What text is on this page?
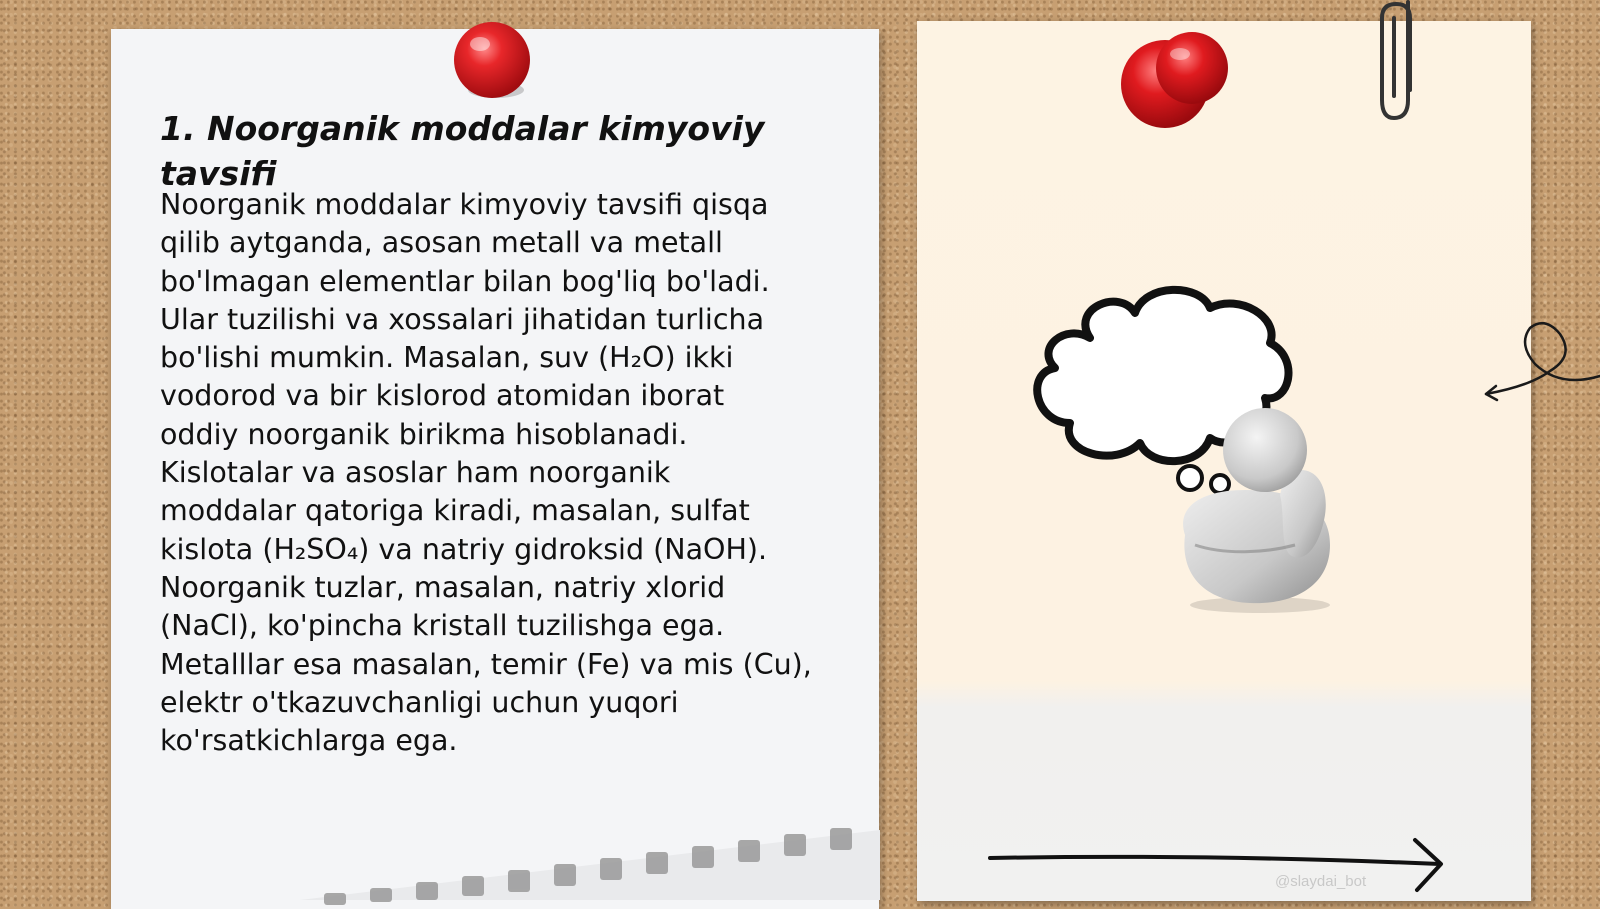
1. Noorganik moddalar kimyoviy tavsifi

Noorganik moddalar kimyoviy tavsifi qisqa
qilib aytganda, asosan metall va metall
bo'lmagan elementlar bilan bog'liq bo'ladi.
Ular tuzilishi va xossalari jihatidan turlicha
bo'lishi mumkin. Masalan, suv (H₂O) ikki
vodorod va bir kislorod atomidan iborat
oddiy noorganik birikma hisoblanadi.
Kislotalar va asoslar ham noorganik
moddalar qatoriga kiradi, masalan, sulfat
kislota (H₂SO₄) va natriy gidroksid (NaOH).
Noorganik tuzlar, masalan, natriy xlorid
(NaCl), ko'pincha kristall tuzilishga ega.
Metalllar esa masalan, temir (Fe) va mis (Cu),
elektr o'tkazuvchanligi uchun yuqori
ko'rsatkichlarga ega.

@slaydai_bot
